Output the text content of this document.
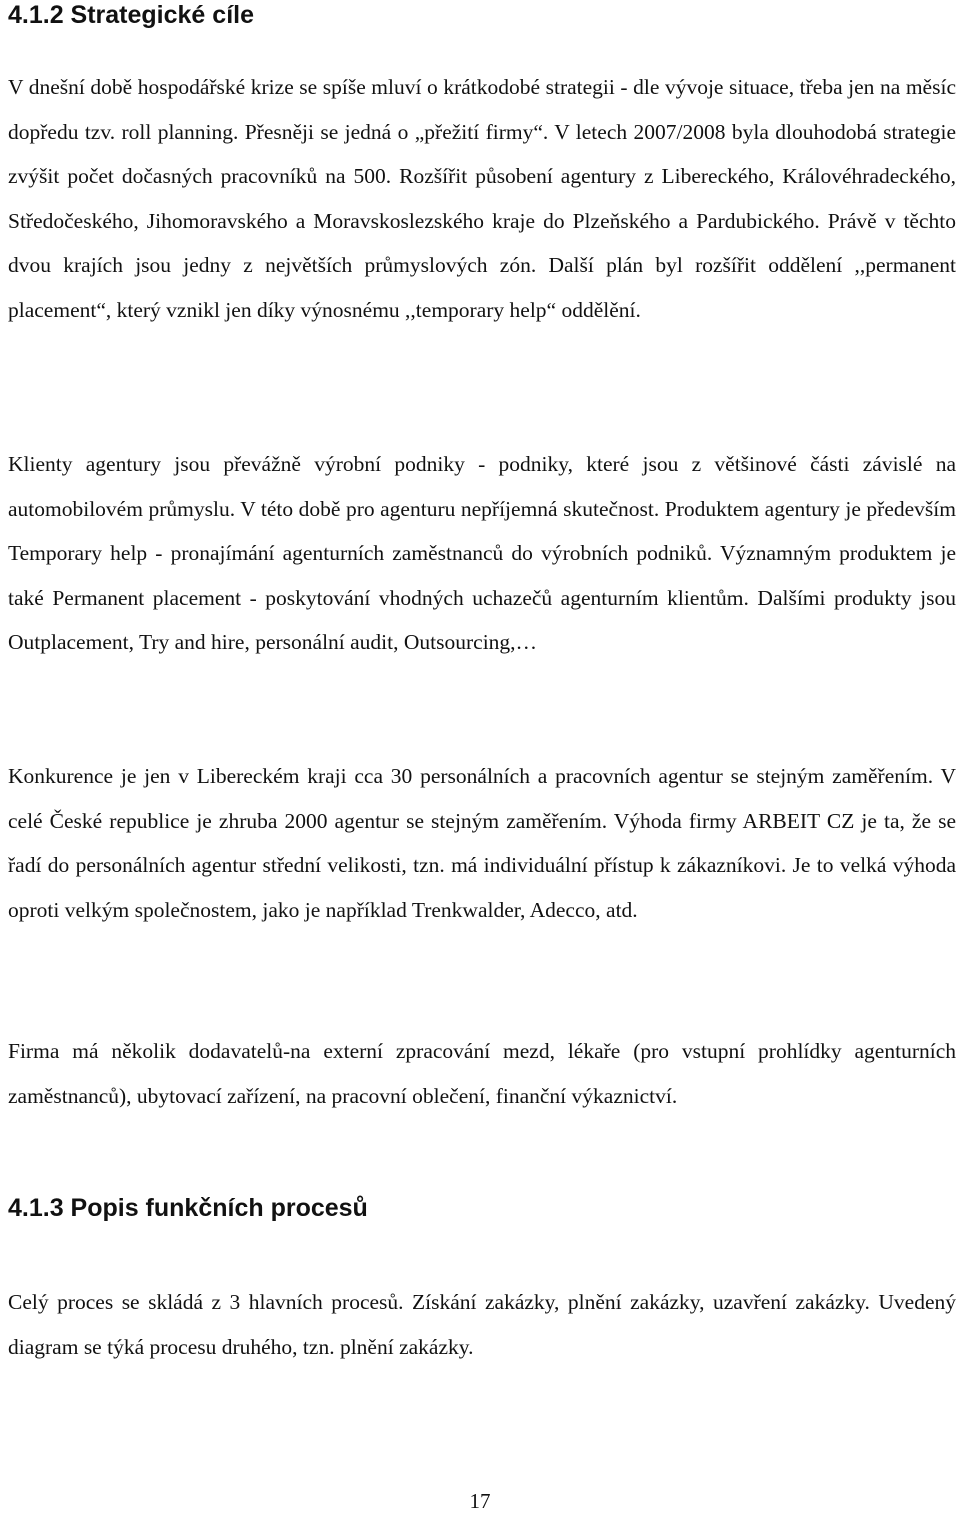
4.1.2 Strategické cíle

V dnešní době hospodářské krize se spíše mluví o krátkodobé strategii - dle vývoje situace, třeba jen na měsíc dopředu tzv. roll planning. Přesněji se jedná o „přežití firmy“. V letech 2007/2008 byla dlouhodobá strategie zvýšit počet dočasných pracovníků na 500. Rozšířit působení agentury z Libereckého, Královéhradeckého, Středočeského, Jihomoravského a Moravskoslezského kraje do Plzeňského a Pardubického. Právě v těchto dvou krajích jsou jedny z největších průmyslových zón. Další plán byl rozšířit oddělení ,,permanent placement“, který vznikl jen díky výnosnému ,,temporary help“ oddělění.

Klienty agentury jsou převážně výrobní podniky - podniky, které jsou z většinové části závislé na automobilovém průmyslu. V této době pro agenturu nepříjemná skutečnost. Produktem agentury je především Temporary help - pronajímání agenturních zaměstnanců do výrobních podniků. Významným produktem je také Permanent placement - poskytování vhodných uchazečů agenturním klientům. Dalšími produkty jsou Outplacement, Try and hire, personální audit, Outsourcing,…

Konkurence je jen v Libereckém kraji cca 30 personálních a pracovních agentur se stejným zaměřením. V celé České republice je zhruba 2000 agentur se stejným zaměřením. Výhoda firmy ARBEIT CZ je ta, že se řadí do personálních agentur střední velikosti, tzn. má individuální přístup k zákazníkovi. Je to velká výhoda oproti velkým společnostem, jako je například Trenkwalder, Adecco, atd.

Firma má několik dodavatelů-na externí zpracování mezd, lékaře (pro vstupní prohlídky agenturních zaměstnanců), ubytovací zařízení, na pracovní oblečení, finanční výkaznictví.

4.1.3 Popis funkčních procesů

Celý proces se skládá z 3 hlavních procesů. Získání zakázky, plnění zakázky, uzavření zakázky. Uvedený diagram se týká procesu druhého, tzn. plnění zakázky.

17
